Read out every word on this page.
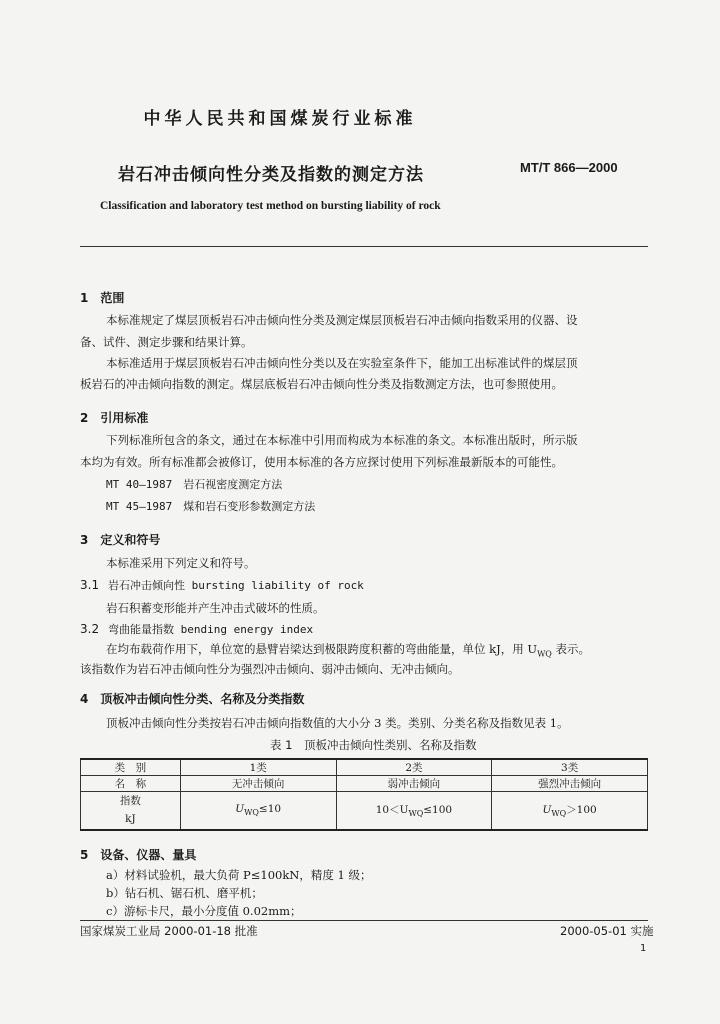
中华人民共和国煤炭行业标准
岩石冲击倾向性分类及指数的测定方法	MT/T 866—2000
Classification and laboratory test method on bursting liability of rock
1　范围
本标准规定了煤层顶板岩石冲击倾向性分类及测定煤层顶板岩石冲击倾向指数采用的仪器、设
备、试件、测定步骤和结果计算。
本标准适用于煤层顶板岩石冲击倾向性分类以及在实验室条件下，能加工出标准试件的煤层顶
板岩石的冲击倾向指数的测定。煤层底板岩石冲击倾向性分类及指数测定方法，也可参照使用。
2　引用标准
下列标准所包含的条文，通过在本标准中引用而构成为本标准的条文。本标准出版时，所示版
本均为有效。所有标准都会被修订，使用本标准的各方应探讨使用下列标准最新版本的可能性。
MT 40—1987　岩石视密度测定方法
MT 45—1987　煤和岩石变形参数测定方法
3　定义和符号
本标准采用下列定义和符号。
3.1 岩石冲击倾向性 bursting liability of rock
岩石积蓄变形能并产生冲击式破坏的性质。
3.2 弯曲能量指数 bending energy index
在均布载荷作用下，单位宽的悬臂岩梁达到极限跨度积蓄的弯曲能量，单位 kJ，用 $U_{WQ}$ 表示。
该指数作为岩石冲击倾向性分为强烈冲击倾向、弱冲击倾向、无冲击倾向。
4　顶板冲击倾向性分类、名称及分类指数
顶板冲击倾向性分类按岩石冲击倾向指数值的大小分 3 类。类别、分类名称及指数见表 1。
表 1　顶板冲击倾向性类别、名称及指数
类　别	1类	2类	3类
名　称	无冲击倾向	弱冲击倾向	强烈冲击倾向

指数
kJ	$U_{WQ}\le 10$	$10<U_{WQ}\le 100$	$U_{WQ}>100$
5　设备、仪器、量具
a）材料试验机，最大负荷 P≤100kN，精度 1 级；
b）钻石机、锯石机、磨平机；
c）游标卡尺，最小分度值 0.02mm；
国家煤炭工业局 2000-01-18 批准	2000-05-01 实施
1
